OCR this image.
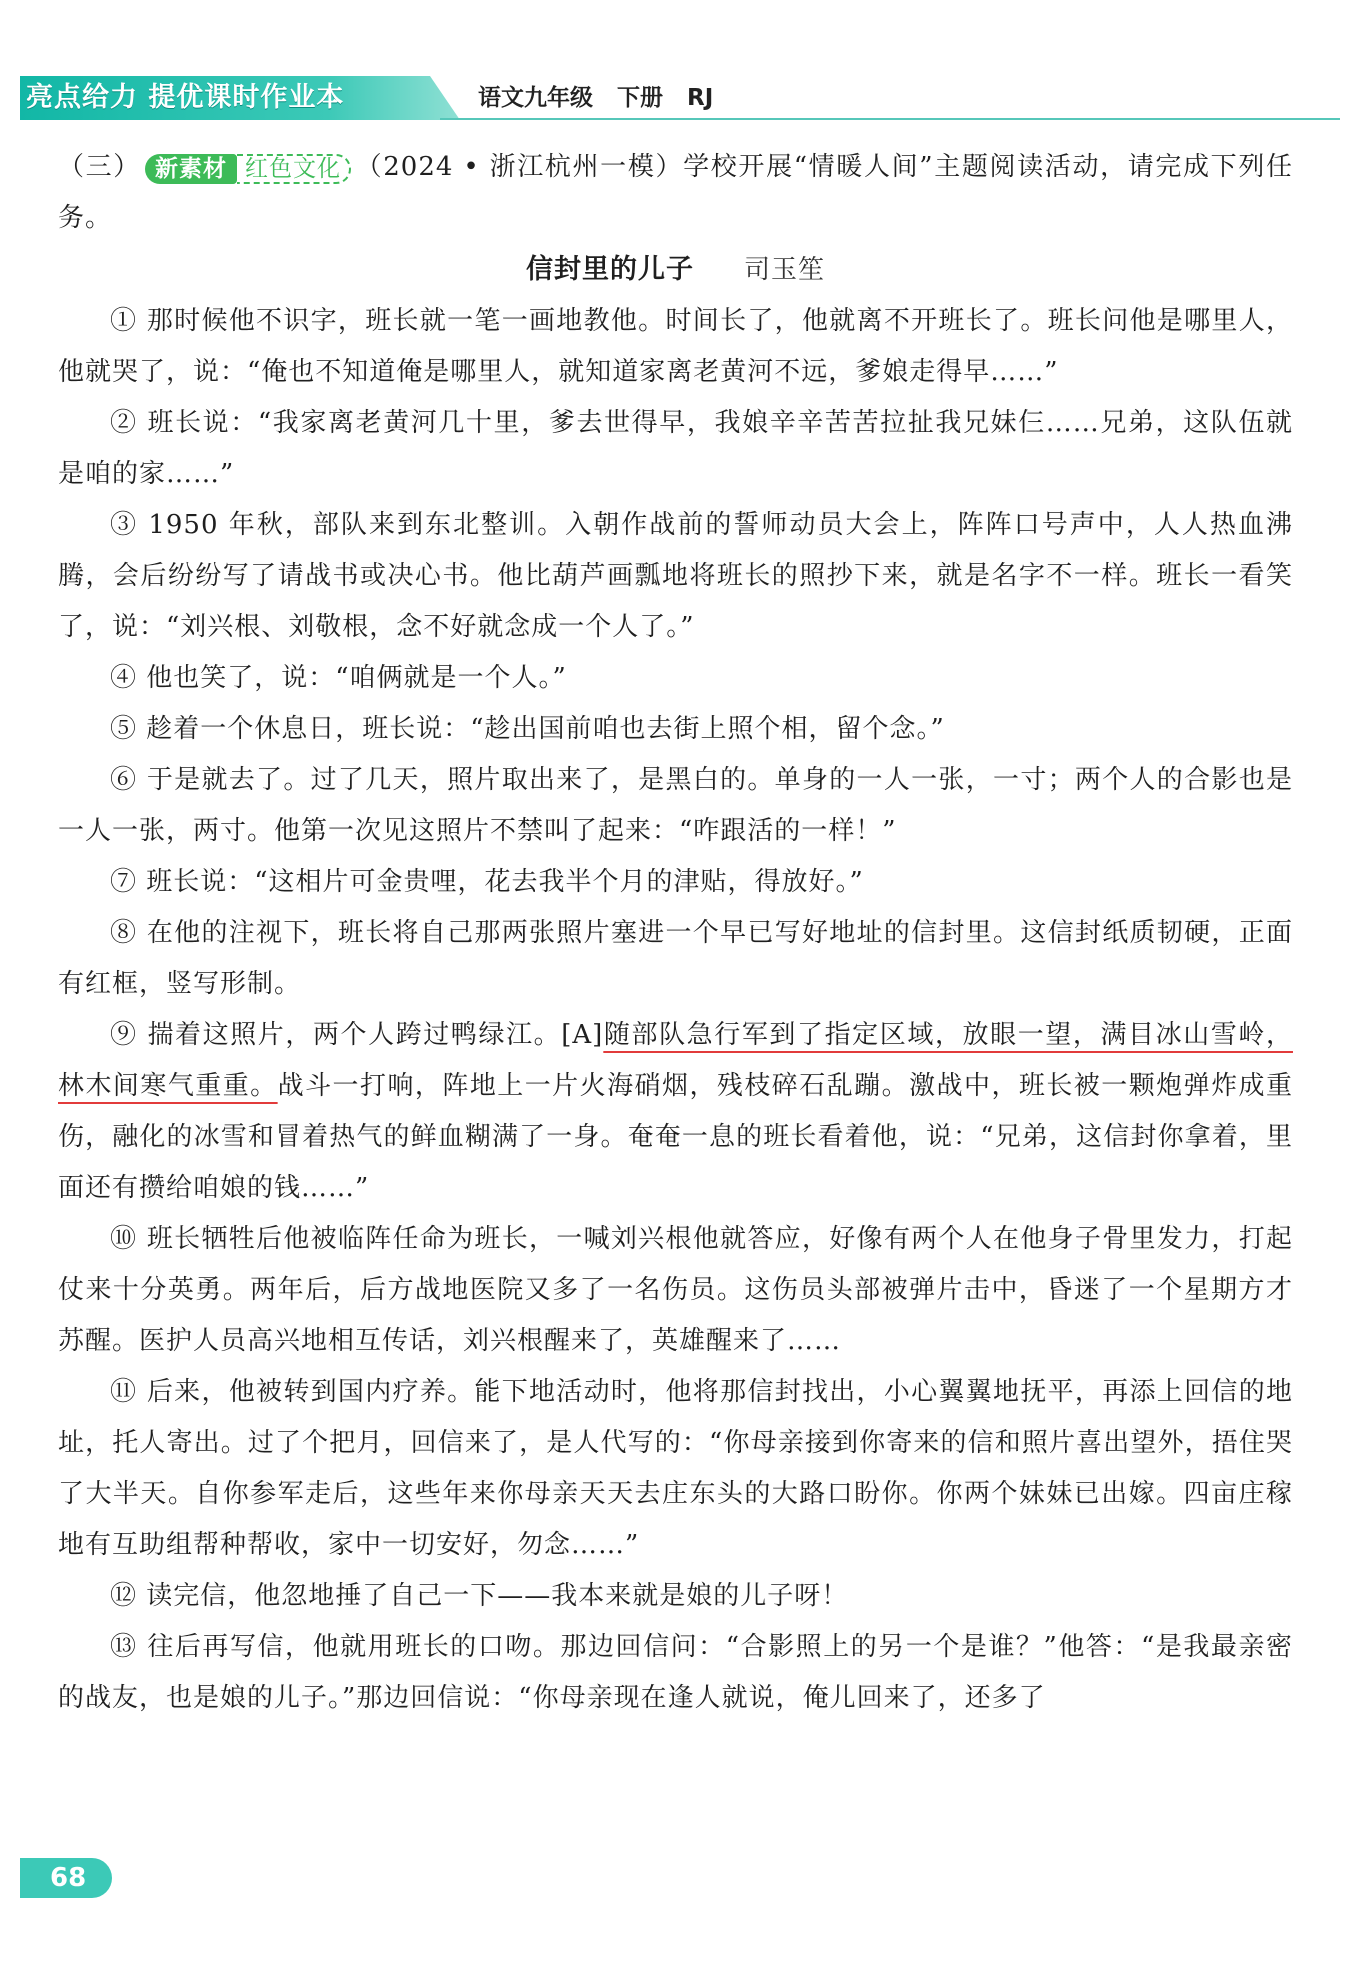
亮点给力 提优课时作业本	语文九年级   下册   RJ

（三） 新素材 红色文化 （2024 • 浙江杭州一模）学校开展“情暖人间”主题阅读活动，请完成下列任务。

信封里的儿子 司玉笙

① 那时候他不识字，班长就一笔一画地教他。时间长了，他就离不开班长了。班长问他是哪里人，他就哭了，说：“俺也不知道俺是哪里人，就知道家离老黄河不远，爹娘走得早……”

② 班长说：“我家离老黄河几十里，爹去世得早，我娘辛辛苦苦拉扯我兄妹仨……兄弟，这队伍就是咱的家……”

③ 1950 年秋，部队来到东北整训。入朝作战前的誓师动员大会上，阵阵口号声中，人人热血沸腾，会后纷纷写了请战书或决心书。他比葫芦画瓢地将班长的照抄下来，就是名字不一样。班长一看笑了，说：“刘兴根、刘敬根，念不好就念成一个人了。”

④ 他也笑了，说：“咱俩就是一个人。”

⑤ 趁着一个休息日，班长说：“趁出国前咱也去街上照个相，留个念。”

⑥ 于是就去了。过了几天，照片取出来了，是黑白的。单身的一人一张，一寸；两个人的合影也是一人一张，两寸。他第一次见这照片不禁叫了起来：“咋跟活的一样！”

⑦ 班长说：“这相片可金贵哩，花去我半个月的津贴，得放好。”

⑧ 在他的注视下，班长将自己那两张照片塞进一个早已写好地址的信封里。这信封纸质韧硬，正面有红框，竖写形制。

⑨ 揣着这照片，两个人跨过鸭绿江。[A]随部队急行军到了指定区域，放眼一望，满目冰山雪岭，林木间寒气重重。战斗一打响，阵地上一片火海硝烟，残枝碎石乱蹦。激战中，班长被一颗炮弹炸成重伤，融化的冰雪和冒着热气的鲜血糊满了一身。奄奄一息的班长看着他，说：“兄弟，这信封你拿着，里面还有攒给咱娘的钱……”

⑩ 班长牺牲后他被临阵任命为班长，一喊刘兴根他就答应，好像有两个人在他身子骨里发力，打起仗来十分英勇。两年后，后方战地医院又多了一名伤员。这伤员头部被弹片击中，昏迷了一个星期方才苏醒。医护人员高兴地相互传话，刘兴根醒来了，英雄醒来了……

⑪ 后来，他被转到国内疗养。能下地活动时，他将那信封找出，小心翼翼地抚平，再添上回信的地址，托人寄出。过了个把月，回信来了，是人代写的：“你母亲接到你寄来的信和照片喜出望外，捂住哭了大半天。自你参军走后，这些年来你母亲天天去庄东头的大路口盼你。你两个妹妹已出嫁。四亩庄稼地有互助组帮种帮收，家中一切安好，勿念……”

⑫ 读完信，他忽地捶了自己一下——我本来就是娘的儿子呀！

⑬ 往后再写信，他就用班长的口吻。那边回信问：“合影照上的另一个是谁？”他答：“是我最亲密的战友，也是娘的儿子。”那边回信说：“你母亲现在逢人就说，俺儿回来了，还多了

68
